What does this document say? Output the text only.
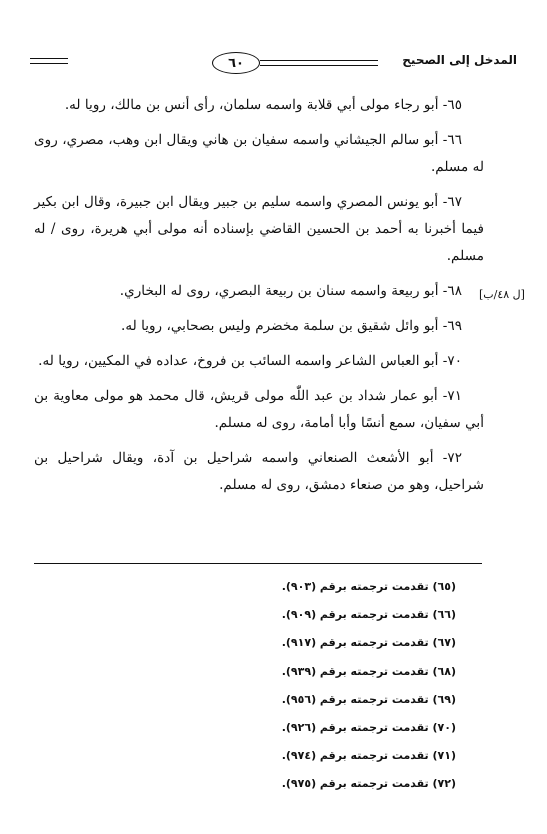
٦٠	المدخل إلى الصحيح
[ل ٤٨/ب]

٦٥- أبو رجاء مولى أبي قلابة واسمه سلمان، رأى أنس بن مالك، رويا له.

٦٦- أبو سالم الجيشاني واسمه سفيان بن هاني ويقال ابن وهب، مصري، روى له مسلم.

٦٧- أبو يونس المصري واسمه سليم بن جبير ويقال ابن جبيرة، وقال ابن بكير فيما أخبرنا به أحمد بن الحسين القاضي بإسناده أنه مولى أبي هريرة، روى / له مسلم.

٦٨- أبو ربيعة واسمه سنان بن ربيعة البصري، روى له البخاري.

٦٩- أبو وائل شقيق بن سلمة مخضرم وليس بصحابي، رويا له.

٧٠- أبو العباس الشاعر واسمه السائب بن فروخ، عداده في المكيين، رويا له.

٧١- أبو عمار شداد بن عبد اللّٰه مولى قريش، قال محمد هو مولى معاوية بن أبي سفيان، سمع أنسًا وأبا أمامة، روى له مسلم.

٧٢- أبو الأشعث الصنعاني واسمه شراحيل بن آدة، ويقال شراحيل بن شراحيل، وهو من صنعاء دمشق، روى له مسلم.

(٦٥) تقدمت ترجمته برقم (٩٠٣).

(٦٦) تقدمت ترجمته برقم (٩٠٩).

(٦٧) تقدمت ترجمته برقم (٩١٧).

(٦٨) تقدمت ترجمته برقم (٩٣٩).

(٦٩) تقدمت ترجمته برقم (٩٥٦).

(٧٠) تقدمت ترجمته برقم (٩٢٦).

(٧١) تقدمت ترجمته برقم (٩٧٤).

(٧٢) تقدمت ترجمته برقم (٩٧٥).
